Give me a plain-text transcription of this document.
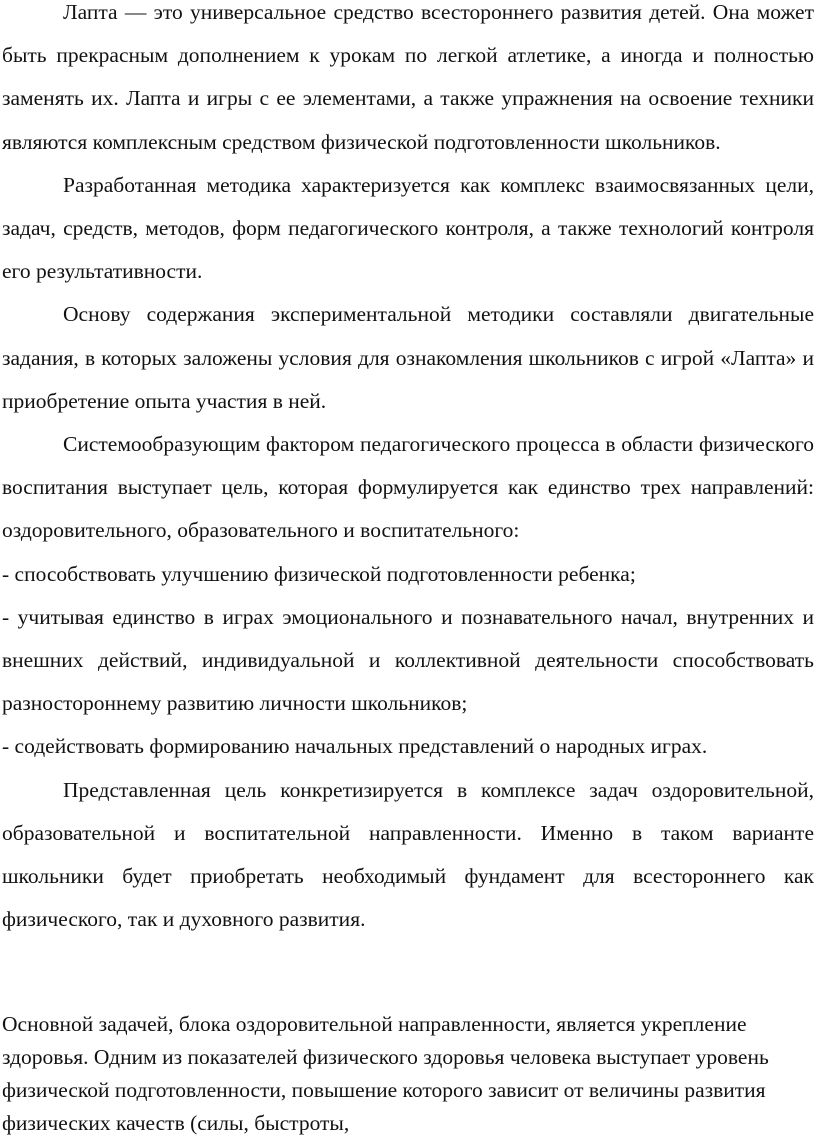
Лапта — это универсальное средство всестороннего развития детей. Она может быть прекрасным дополнением к урокам по легкой атлетике, а иногда и полностью заменять их. Лапта и игры с ее элементами, а также упражнения на освоение техники являются комплексным средством физической подготовленности школьников.

Разработанная методика характеризуется как комплекс взаимосвязанных цели, задач, средств, методов, форм педагогического контроля, а также технологий контроля его результативности.

Основу содержания экспериментальной методики составляли двигательные задания, в которых заложены условия для ознакомления школьников с игрой «Лапта» и приобретение опыта участия в ней.

Системообразующим фактором педагогического процесса в области физического воспитания выступает цель, которая формулируется как единство трех направлений: оздоровительного, образовательного и воспитательного:

- способствовать улучшению физической подготовленности ребенка;

- учитывая единство в играх эмоционального и познавательного начал, внутренних и внешних действий, индивидуальной и коллективной деятельности способствовать разностороннему развитию личности школьников;

- содействовать формированию начальных представлений о народных играх.

Представленная цель конкретизируется в комплексе задач оздоровительной, образовательной и воспитательной направленности. Именно в таком варианте школьники будет приобретать необходимый фундамент для всестороннего как физического, так и духовного развития.

Основной задачей, блока оздоровительной направленности, является укрепление здоровья. Одним из показателей физического здоровья человека выступает уровень физической подготовленности, повышение которого зависит от величины развития физических качеств (силы, быстроты,
